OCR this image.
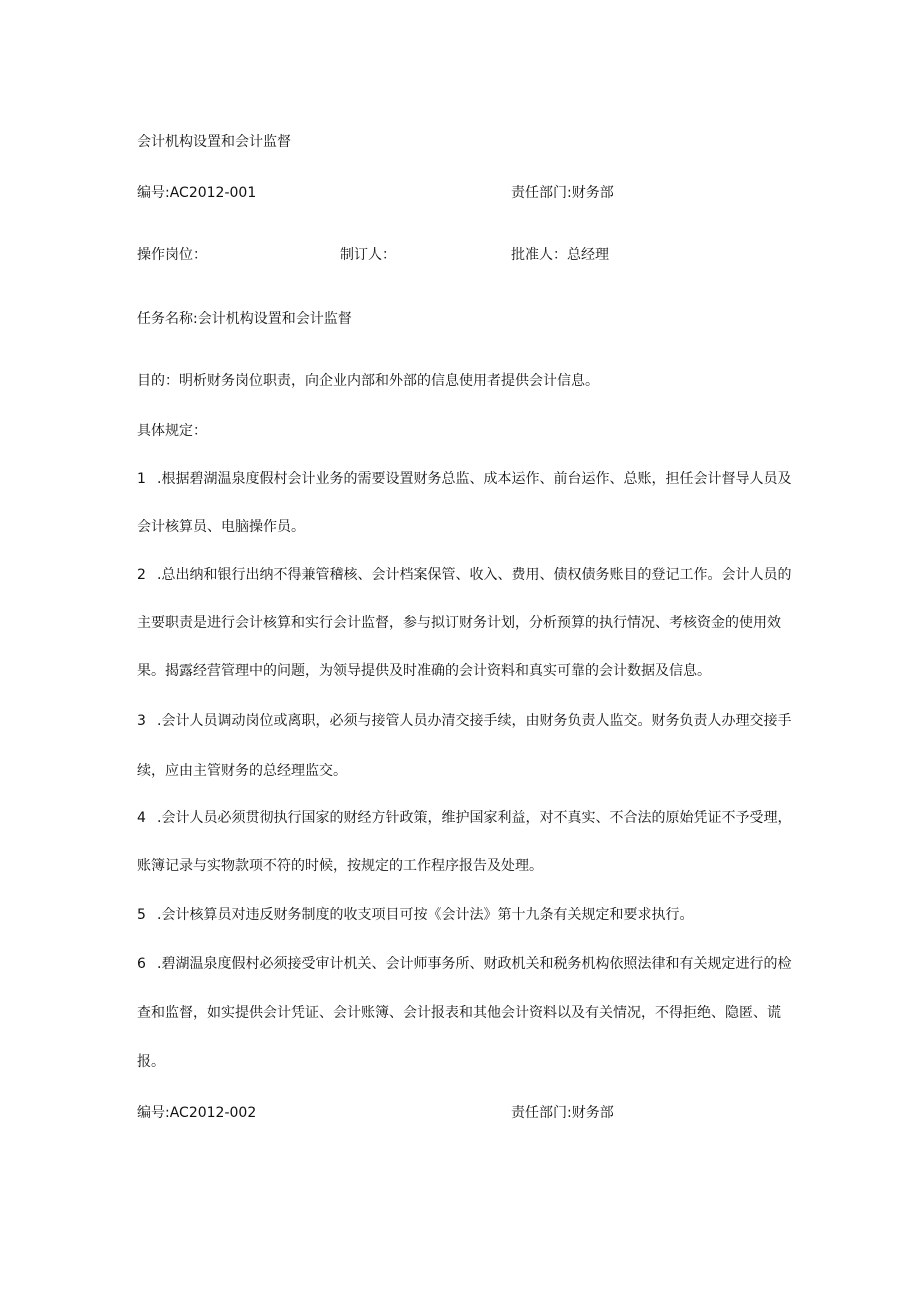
会计机构设置和会计监督
编号:AC2012-001	责任部门:财务部
操作岗位：	制订人：	批准人：总经理
任务名称:会计机构设置和会计监督
目的：明析财务岗位职责，向企业内部和外部的信息使用者提供会计信息。
具体规定：
1 .根据碧湖温泉度假村会计业务的需要设置财务总监、成本运作、前台运作、总账，担任会计督导人员及
会计核算员、电脑操作员。
2 .总出纳和银行出纳不得兼管稽核、会计档案保管、收入、费用、债权债务账目的登记工作。会计人员的
主要职责是进行会计核算和实行会计监督，参与拟订财务计划，分析预算的执行情况、考核资金的使用效
果。揭露经营管理中的问题，为领导提供及时准确的会计资料和真实可靠的会计数据及信息。
3 .会计人员调动岗位或离职，必须与接管人员办清交接手续，由财务负责人监交。财务负责人办理交接手
续，应由主管财务的总经理监交。
4 .会计人员必须贯彻执行国家的财经方针政策，维护国家利益，对不真实、不合法的原始凭证不予受理，
账簿记录与实物款项不符的时候，按规定的工作程序报告及处理。
5 .会计核算员对违反财务制度的收支项目可按《会计法》第十九条有关规定和要求执行。
6 .碧湖温泉度假村必须接受审计机关、会计师事务所、财政机关和税务机构依照法律和有关规定进行的检
查和监督，如实提供会计凭证、会计账簿、会计报表和其他会计资料以及有关情况，不得拒绝、隐匿、谎
报。
编号:AC2012-002	责任部门:财务部
